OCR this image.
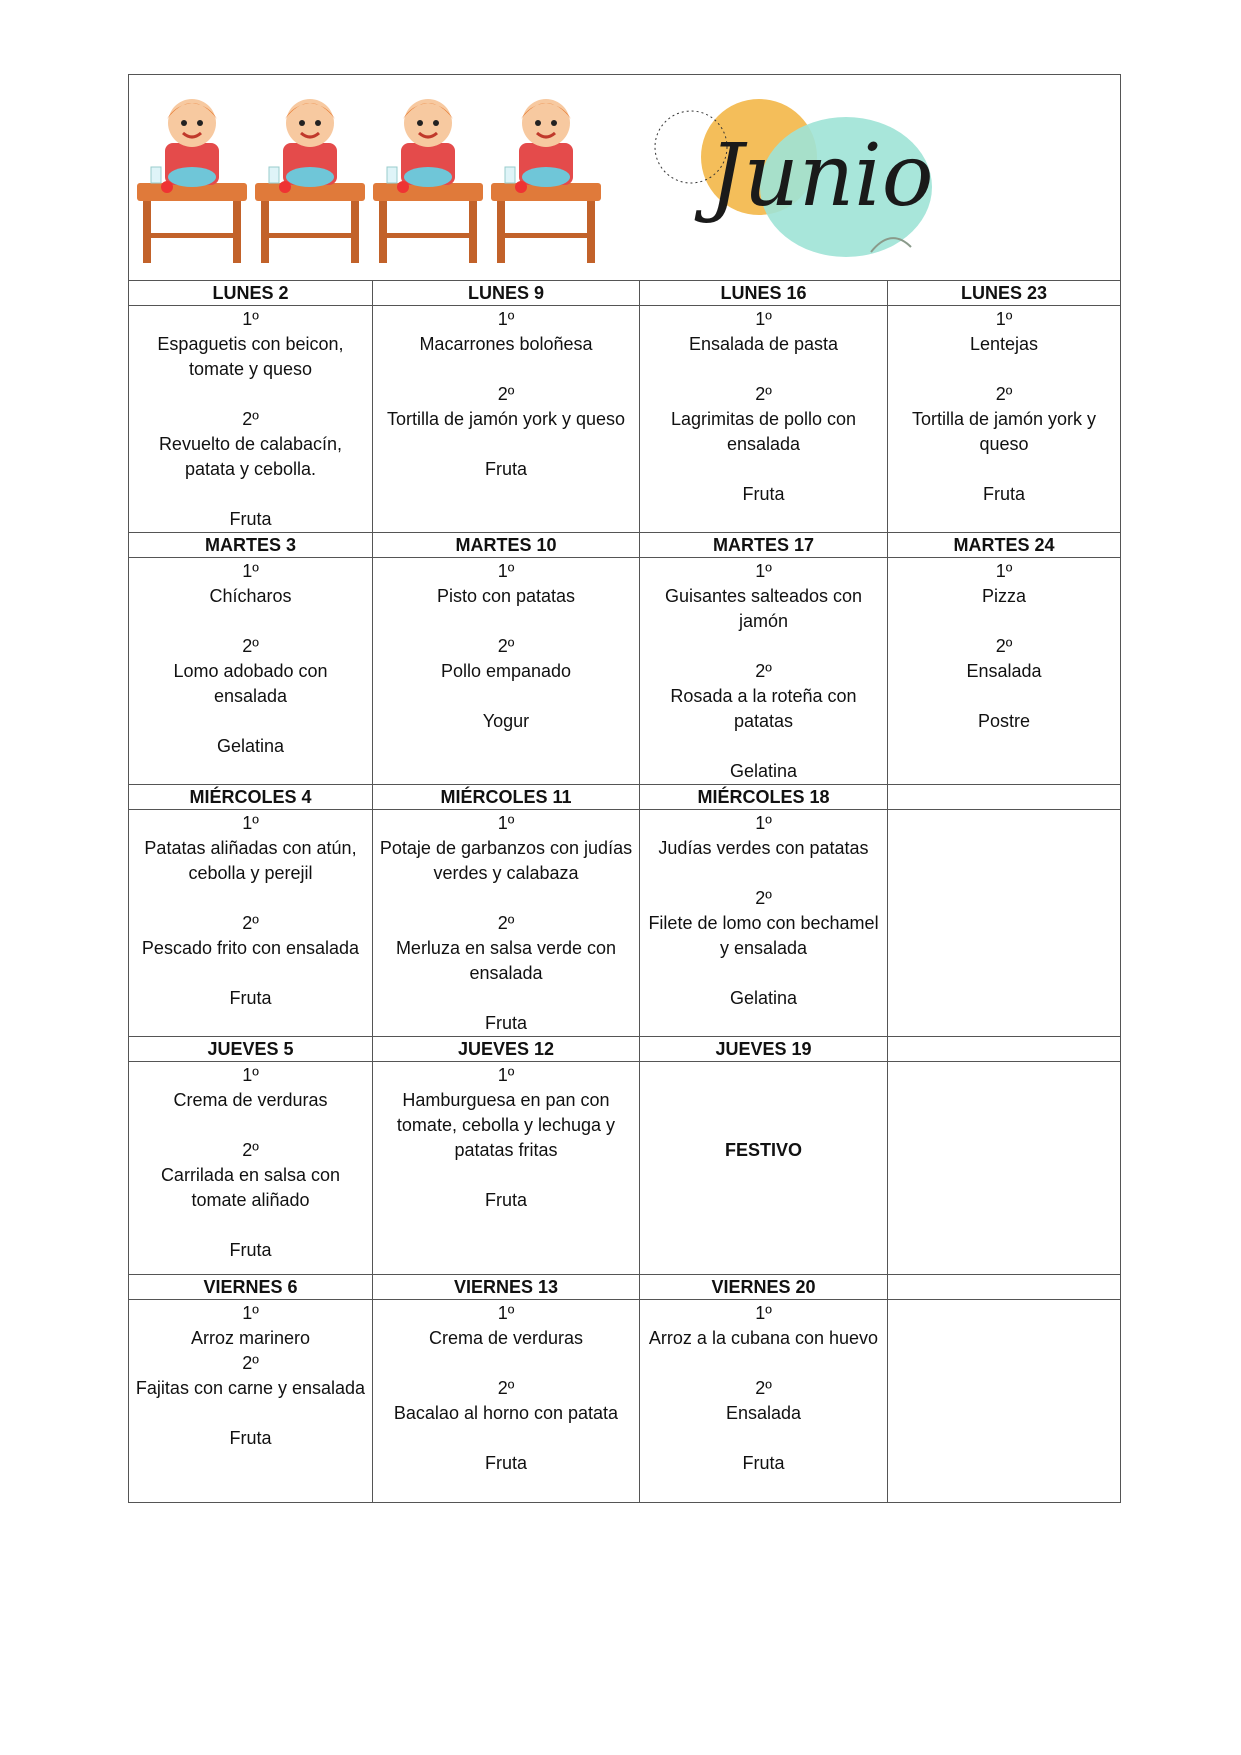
Junio			

LUNES 2	LUNES 9	LUNES 16	LUNES 23

1º
Espaguetis con beicon, tomate y queso

2º
Revuelto de calabacín, patata y cebolla.

Fruta	1º
Macarrones boloñesa

2º
Tortilla de jamón york y queso

Fruta	1º
Ensalada de pasta

2º
Lagrimitas de pollo con ensalada

Fruta	1º
Lentejas

2º
Tortilla de jamón york y queso

Fruta

MARTES 3	MARTES 10	MARTES 17	MARTES 24

1º
Chícharos

2º
Lomo adobado con ensalada

Gelatina	1º
Pisto con patatas

2º
Pollo empanado

Yogur	1º
Guisantes salteados con jamón

2º
Rosada a la roteña con patatas

Gelatina	1º
Pizza

2º
Ensalada

Postre

MIÉRCOLES 4	MIÉRCOLES 11	MIÉRCOLES 18	

1º
Patatas aliñadas con atún, cebolla y perejil

2º
Pescado frito con ensalada

Fruta	1º
Potaje de garbanzos con judías verdes y calabaza

2º
Merluza en salsa verde con ensalada

Fruta	1º
Judías verdes con patatas

2º
Filete de lomo con bechamel y ensalada

Gelatina	

JUEVES 5	JUEVES 12	JUEVES 19	

1º
Crema de verduras

2º
Carrilada en salsa con tomate aliñado

Fruta	1º
Hamburguesa en pan con tomate, cebolla y lechuga y patatas fritas

Fruta	FESTIVO	

VIERNES 6	VIERNES 13	VIERNES 20	

1º
Arroz marinero
2º
Fajitas con carne y ensalada

Fruta	1º
Crema de verduras

2º
Bacalao al horno con patata

Fruta	1º
Arroz a la cubana con huevo

2º
Ensalada

Fruta	
